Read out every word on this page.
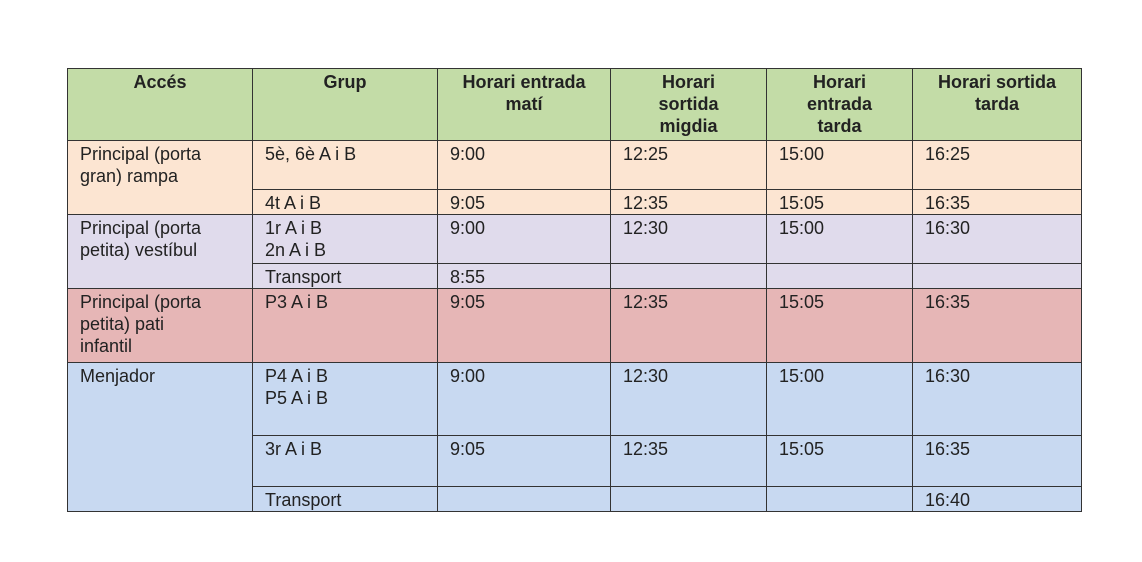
Accés	Grup	Horari entrada
matí	Horari
sortida
migdia	Horari
entrada
tarda	Horari sortida
tarda
Principal (porta
gran) rampa	5è, 6è A i B	9:00	12:25	15:00	16:25
	4t A i B	9:05	12:35	15:05	16:35
Principal (porta
petita) vestíbul	1r A i B
2n A i B	9:00	12:30	15:00	16:30
	Transport	8:55			
Principal (porta
petita) pati
infantil	P3 A i B	9:05	12:35	15:05	16:35
Menjador	P4 A i B
P5 A i B	9:00	12:30	15:00	16:30
	3r A i B	9:05	12:35	15:05	16:35
	Transport				16:40
